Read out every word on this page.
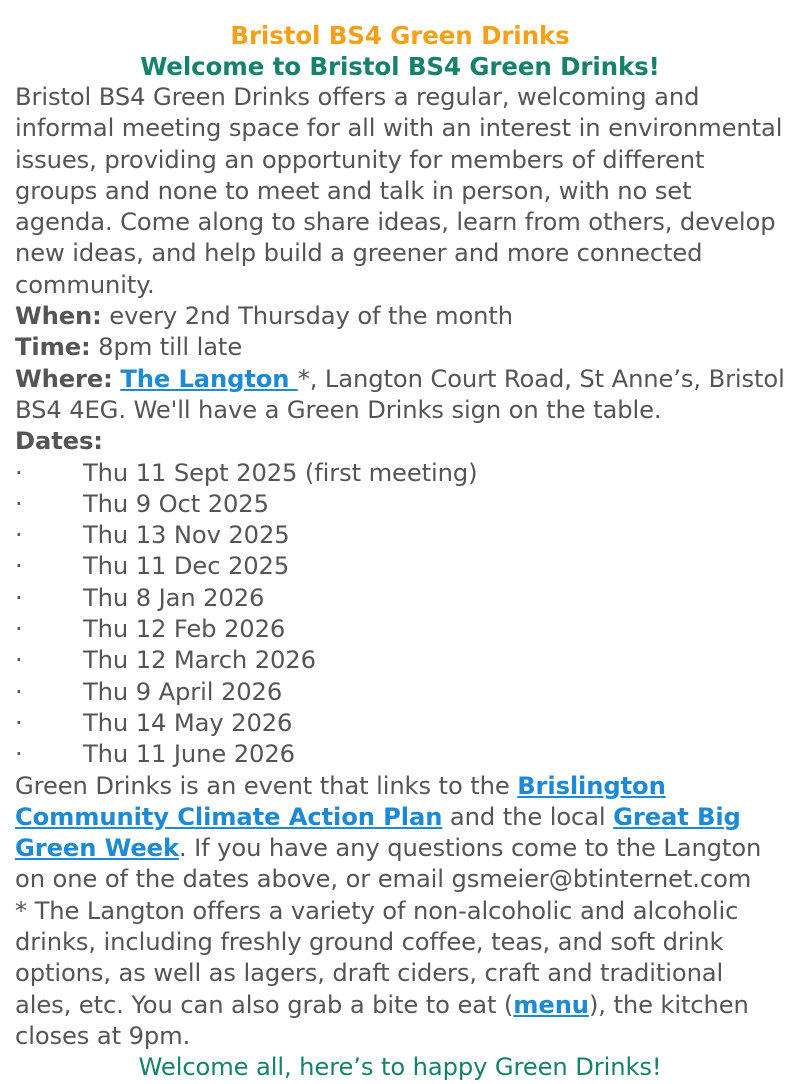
Bristol BS4 Green Drinks
Welcome to Bristol BS4 Green Drinks!

Bristol BS4 Green Drinks offers a regular, welcoming and informal meeting space for all with an interest in environmental issues, providing an opportunity for members of different groups and none to meet and talk in person, with no set agenda. Come along to share ideas, learn from others, develop new ideas, and help build a greener and more connected community.

When: every 2nd Thursday of the month

Time: 8pm till late

Where: The Langton *, Langton Court Road, St Anne’s, Bristol BS4 4EG. We'll have a Green Drinks sign on the table.

Dates:

· Thu 11 Sept 2025 (first meeting)
· Thu 9 Oct 2025
· Thu 13 Nov 2025
· Thu 11 Dec 2025
· Thu 8 Jan 2026
· Thu 12 Feb 2026
· Thu 12 March 2026
· Thu 9 April 2026
· Thu 14 May 2026
· Thu 11 June 2026

Green Drinks is an event that links to the Brislington Community Climate Action Plan and the local Great Big Green Week. If you have any questions come to the Langton on one of the dates above, or email gsmeier@btinternet.com

* The Langton offers a variety of non-alcoholic and alcoholic drinks, including freshly ground coffee, teas, and soft drink options, as well as lagers, draft ciders, craft and traditional ales, etc. You can also grab a bite to eat (menu), the kitchen closes at 9pm.

Welcome all, here’s to happy Green Drinks!
